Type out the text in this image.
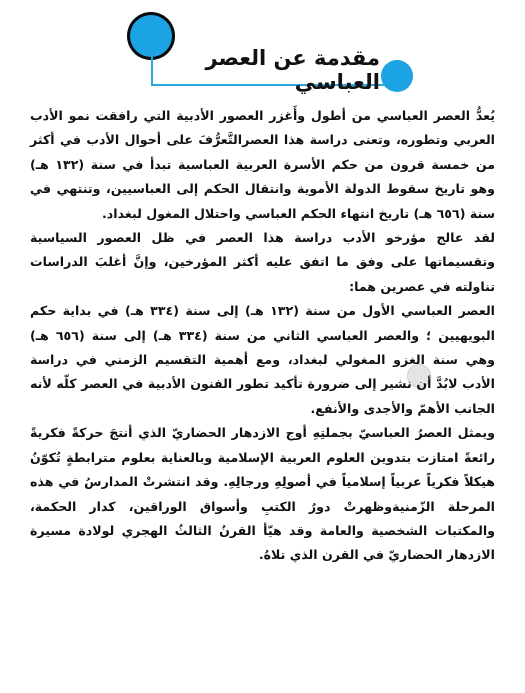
مقدمة عن العصر العباسي

يُعدُّ العصر العباسي من أطول وأَغزر العصور الأدبية التي رافقت نمو الأدب العربي وتطوره، وتعنى دراسة هذا العصرالتَّعرُّفَ على أحوال الأدب في أكثر من خمسة قرون من حكم الأسرة العربية العباسية تبدأ في سنة (١٣٢ هـ) وهو تاريخ سقوط الدولة الأموية وانتقال الحكم إلى العباسيين، وتنتهي في سنة (٦٥٦ هـ) تاريخ انتهاء الحكم العباسي واحتلال المغول لبغداد.

لقد عالج مؤرخو الأدب دراسة هذا العصر في ظل العصور السياسية وتقسيماتها على وفق ما اتفق عليه أكثر المؤرخين، وإنَّ أغلبَ الدراسات تناولته في عصرين هما:

العصر العباسي الأول من سنة (١٣٢ هـ) إلى سنة (٣٣٤ هـ) في بداية حكم البويهيين ؛ والعصر العباسي الثاني من سنة (٣٣٤ هـ) إلى سنة (٦٥٦ هـ) وهي سنة الغزو المغولي لبغداد، ومع أهمية التقسيم الزمني في دراسة الأدب لابُدَّ أن نشير إلى ضرورة تأكيد تطور الفنون الأدبية في العصر كلّه لأنه الجانب الأهمّ والأجدى والأنفع.

ويمثل العصرُ العباسيّ بجملتِهِ أوج الازدهار الحضاريّ الذي أنتجَ حركةً فكريةً رائعةً امتازت بتدوين العلوم العربية الإسلامية وبالعناية بعلوم مترابطةٍ تُكوّنُ هيكلاً فكرياً عربياً إسلامياً في أصولِهِ ورجالِهِ. وقد انتشرتْ المدارسُ في هذه المرحلة الزّمنيةوظهرتْ دورُ الكتبِ وأسواق الوراقين، كدار الحكمة، والمكتبات الشخصية والعامة وقد هيّأ القرنُ الثالثُ الهجري لولادة مسيرة الازدهار الحضاريّ في القرن الذي تلاهُ.
